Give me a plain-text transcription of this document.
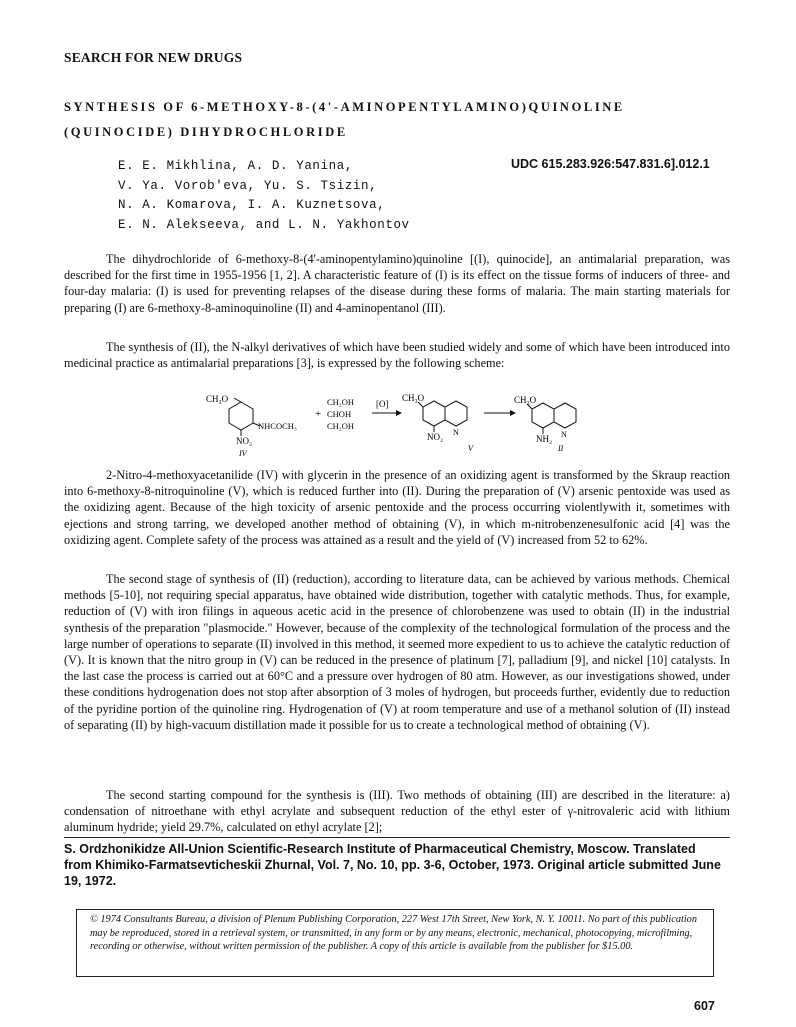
SEARCH FOR NEW DRUGS
SYNTHESIS OF 6-METHOXY-8-(4'-AMINOPENTYLAMINO)QUINOLINE
(QUINOCIDE) DIHYDROCHLORIDE
E. E. Mikhlina, A. D. Yanina,
V. Ya. Vorob'eva, Yu. S. Tsizin,
N. A. Komarova, I. A. Kuznetsova,
E. N. Alekseeva, and L. N. Yakhontov
UDC 615.283.926:547.831.6].012.1
The dihydrochloride of 6-methoxy-8-(4'-aminopentylamino)quinoline [(I), quinocide], an antimalarial preparation, was described for the first time in 1955-1956 [1, 2]. A characteristic feature of (I) is its effect on the tissue forms of inducers of three- and four-day malaria: (I) is used for preventing relapses of the disease during these forms of malaria. The main starting materials for preparing (I) are 6-methoxy-8-aminoquinoline (II) and 4-aminopentanol (III).
The synthesis of (II), the N-alkyl derivatives of which have been studied widely and some of which have been introduced into medicinal practice as antimalarial preparations [3], is expressed by the following scheme:
CH₃O
NHCOCH₃
NO₂
IV
+
CH₂OH
CHOH
CH₂OH
[O]
CH₃O
NO₂ N
V
CH₃O
NH₂ N
II
2-Nitro-4-methoxyacetanilide (IV) with glycerin in the presence of an oxidizing agent is transformed by the Skraup reaction into 6-methoxy-8-nitroquinoline (V), which is reduced further into (II). During the preparation of (V) arsenic pentoxide was used as the oxidizing agent. Because of the high toxicity of arsenic pentoxide and the process occurring violentlywith it, sometimes with ejections and strong tarring, we developed another method of obtaining (V), in which m-nitrobenzenesulfonic acid [4] was the oxidizing agent. Complete safety of the process was attained as a result and the yield of (V) increased from 52 to 62%.
The second stage of synthesis of (II) (reduction), according to literature data, can be achieved by various methods. Chemical methods [5-10], not requiring special apparatus, have obtained wide distribution, together with catalytic methods. Thus, for example, reduction of (V) with iron filings in aqueous acetic acid in the presence of chlorobenzene was used to obtain (II) in the industrial synthesis of the preparation "plasmocide." However, because of the complexity of the technological formulation of the process and the large number of operations to separate (II) involved in this method, it seemed more expedient to us to achieve the catalytic reduction of (V). It is known that the nitro group in (V) can be reduced in the presence of platinum [7], palladium [9], and nickel [10] catalysts. In the last case the process is carried out at 60°C and a pressure over hydrogen of 80 atm. However, as our investigations showed, under these conditions hydrogenation does not stop after absorption of 3 moles of hydrogen, but proceeds further, evidently due to reduction of the pyridine portion of the quinoline ring. Hydrogenation of (V) at room temperature and use of a methanol solution of (II) instead of separating (II) by high-vacuum distillation made it possible for us to create a technological method of obtaining (V).
The second starting compound for the synthesis is (III). Two methods of obtaining (III) are described in the literature: a) condensation of nitroethane with ethyl acrylate and subsequent reduction of the ethyl ester of γ-nitrovaleric acid with lithium aluminum hydride; yield 29.7%, calculated on ethyl acrylate [2];
S. Ordzhonikidze All-Union Scientific-Research Institute of Pharmaceutical Chemistry, Moscow. Translated from Khimiko-Farmatsevticheskii Zhurnal, Vol. 7, No. 10, pp. 3-6, October, 1973. Original article submitted June 19, 1972.
© 1974 Consultants Bureau, a division of Plenum Publishing Corporation, 227 West 17th Street, New York, N. Y. 10011. No part of this publication may be reproduced, stored in a retrieval system, or transmitted, in any form or by any means, electronic, mechanical, photocopying, microfilming, recording or otherwise, without written permission of the publisher. A copy of this article is available from the publisher for $15.00.
607
